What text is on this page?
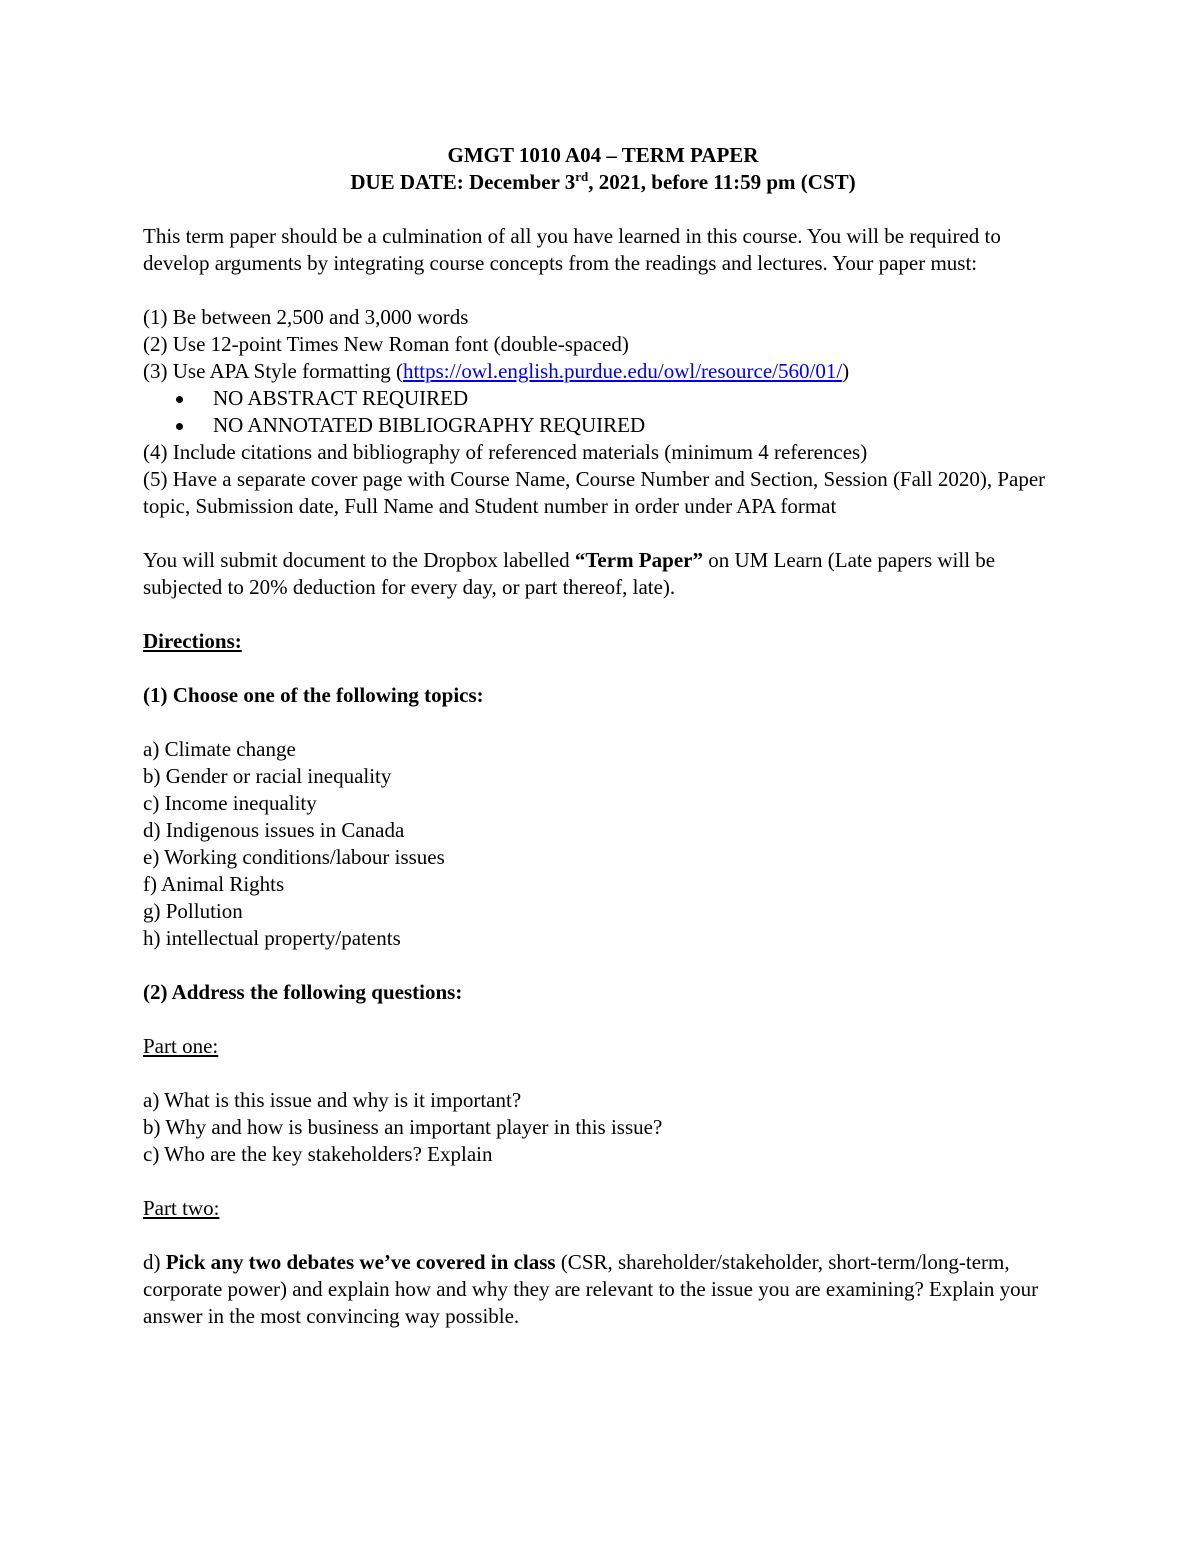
GMGT 1010 A04 – TERM PAPER
DUE DATE: December 3rd, 2021, before 11:59 pm (CST)

This term paper should be a culmination of all you have learned in this course. You will be required to develop arguments by integrating course concepts from the readings and lectures. Your paper must:

(1) Be between 2,500 and 3,000 words
(2) Use 12-point Times New Roman font (double-spaced)
(3) Use APA Style formatting (https://owl.english.purdue.edu/owl/resource/560/01/)
NO ABSTRACT REQUIRED
NO ANNOTATED BIBLIOGRAPHY REQUIRED
(4) Include citations and bibliography of referenced materials (minimum 4 references)
(5) Have a separate cover page with Course Name, Course Number and Section, Session (Fall 2020), Paper topic, Submission date, Full Name and Student number in order under APA format

You will submit document to the Dropbox labelled “Term Paper” on UM Learn (Late papers will be subjected to 20% deduction for every day, or part thereof, late).

Directions:
(1) Choose one of the following topics:
a) Climate change
b) Gender or racial inequality
c) Income inequality
d) Indigenous issues in Canada
e) Working conditions/labour issues
f) Animal Rights
g) Pollution
h) intellectual property/patents
(2) Address the following questions:
Part one:
a) What is this issue and why is it important?
b) Why and how is business an important player in this issue?
c) Who are the key stakeholders? Explain
Part two:

d) Pick any two debates we’ve covered in class (CSR, shareholder/stakeholder, short-term/long-term, corporate power) and explain how and why they are relevant to the issue you are examining? Explain your answer in the most convincing way possible.
